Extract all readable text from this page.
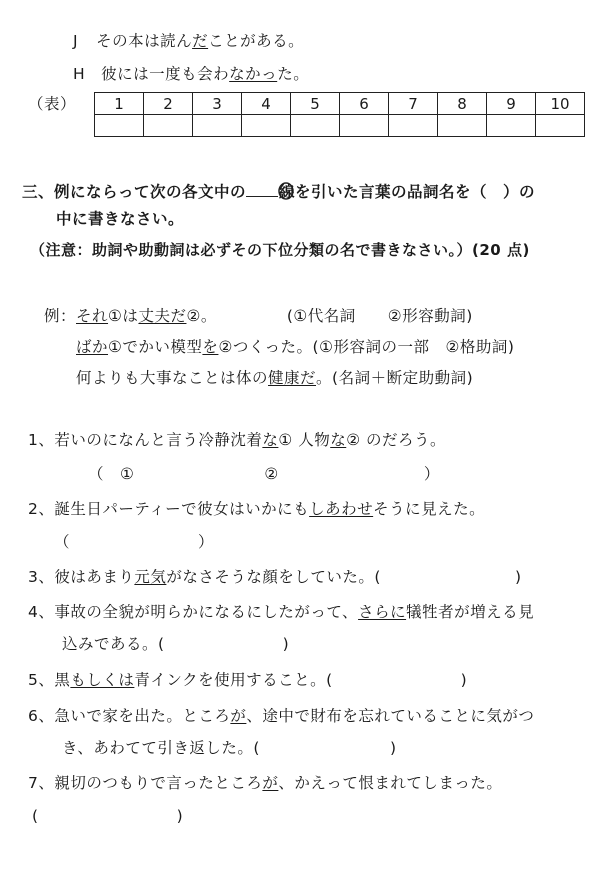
J その本は読んだことがある。
H 彼には一度も会わなかった。
（表）	1	2	3	4	5	6	7	8	9	10

三、例にならって次の各文中の 線を引いた言葉の品詞名を（　）の
中に書きなさい。
（注意：助詞や助動詞は必ずその下位分類の名で書きなさい。）(20 点)
例：それ①は丈夫だ②。	(①代名詞　　②形容動詞)
ばか①でかい模型を②つくった。(①形容詞の一部　②格助詞)
何よりも大事なことは体の健康だ。(名詞＋断定助動詞)
1、若いのになんと言う冷静沈着な① 人物な② のだろう。
（　①	②	）
2、誕生日パーティーで彼女はいかにもしあわせそうに見えた。
（	）
3、彼はあまり元気がなさそうな顔をしていた。(	)
4、事故の全貌が明らかになるにしたがって、さらに犠牲者が増える見
込みである。(	)
5、黒もしくは青インクを使用すること。(	)
6、急いで家を出た。ところが、途中で財布を忘れていることに気がつ
き、あわてて引き返した。(	)
7、親切のつもりで言ったところが、かえって恨まれてしまった。
(	)
